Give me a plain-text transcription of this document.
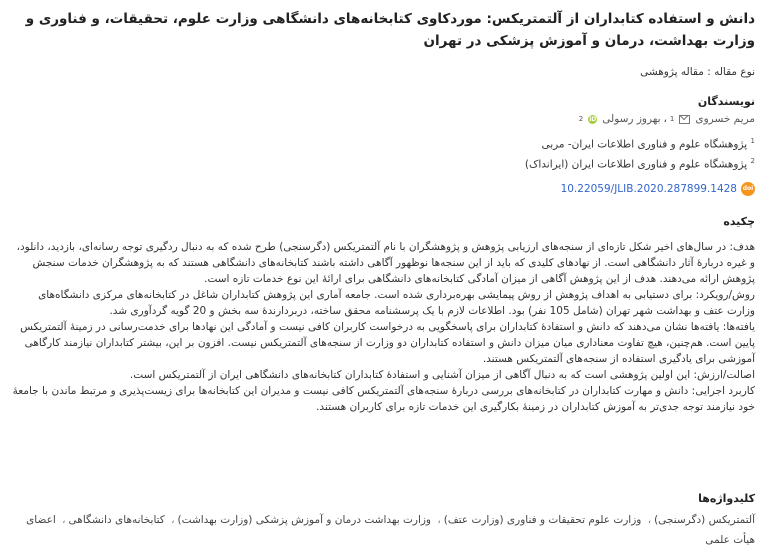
دانش و استفاده کتابداران از آلتمتریکس: موردکاوی کتابخانه‌های دانشگاهی وزارت علوم، تحقیقات، و فناوری و وزارت بهداشت، درمان و آموزش پزشکی در تهران
نوع مقاله : مقاله پژوهشی
نویسندگان
مریم خسروی
1
،
بهروز رسولی
iD
2
$^1$ پژوهشگاه علوم و فناوری اطلاعات ایران- مربی
$^2$ پژوهشگاه علوم و فناوری اطلاعات ایران (ایرانداک)
doi
10.22059/JLIB.2020.287899.1428
چکیده

هدف: در سال‌های اخیر شکل تازه‌ای از سنجه‌های ارزیابی پژوهش و پژوهشگران با نام آلتمتریکس (دگرسنجی) طرح شده که به دنبال ردگیری توجه رسانه‌ای، بازدید، دانلود، و غیره دربارۀ آثار دانشگاهی است. از نهادهای کلیدی که باید از این سنجه‌ها نوظهور آگاهی داشته باشند کتابخانه‌های دانشگاهی هستند که به پژوهشگران خدمات سنجش پژوهش ارائه می‌دهند. هدف از این پژوهش آگاهی از میزان آمادگی کتابخانه‌های دانشگاهی برای ارائۀ این نوع خدمات تازه است.

روش/رویکرد: برای دستیابی به اهداف پژوهش از روش پیمایشی بهره‌برداری شده است. جامعه آماری این پژوهش کتابداران شاغل در کتابخانه‌های مرکزی دانشگاه‌های وزارت عتف و بهداشت شهر تهران (شامل 105 نفر) بود. اطلاعات لازم با یک پرسشنامه محقق ساخته، دربردارندۀ سه بخش و 20 گویه گردآوری شد.

یافته‌ها: یافته‌ها نشان می‌دهند که دانش و استفادۀ کتابداران برای پاسخگویی به درخواست کاربران کافی نیست و آمادگی این نهادها برای خدمت‌رسانی در زمینۀ آلتمتریکس پایین است. هم‌چنین، هیچ تفاوت معناداری میان میزان دانش و استفاده کتابداران دو وزارت از سنجه‌های آلتمتریکس نیست. افزون بر این، بیشتر کتابداران نیازمند کارگاهی آموزشی برای یادگیری استفاده از سنجه‌های آلتمتریکس هستند.

اصالت/ارزش: این اولین پژوهشی است که به دنبال آگاهی از میزان آشنایی و استفادۀ کتابداران کتابخانه‌های دانشگاهی ایران از آلتمتریکس است.

کاربرد اجرایی: دانش و مهارت کتابداران در کتابخانه‌های بررسی دربارۀ سنجه‌های آلتمتریکس کافی نیست و مدیران این کتابخانه‌ها برای زیست‌پذیری و مرتبط ماندن با جامعۀ خود نیازمند توجه جدی‌تر به آموزش کتابداران در زمینۀ بکارگیری این خدمات تازه برای کاربران هستند.

کلیدواژه‌ها
آلتمتریکس (دگرسنجی)، وزارت علوم تحقیقات و فناوری (وزارت عتف)، وزارت بهداشت درمان و آموزش پزشکی (وزارت بهداشت)، کتابخانه‌های دانشگاهی، اعضای هیأت علمی
